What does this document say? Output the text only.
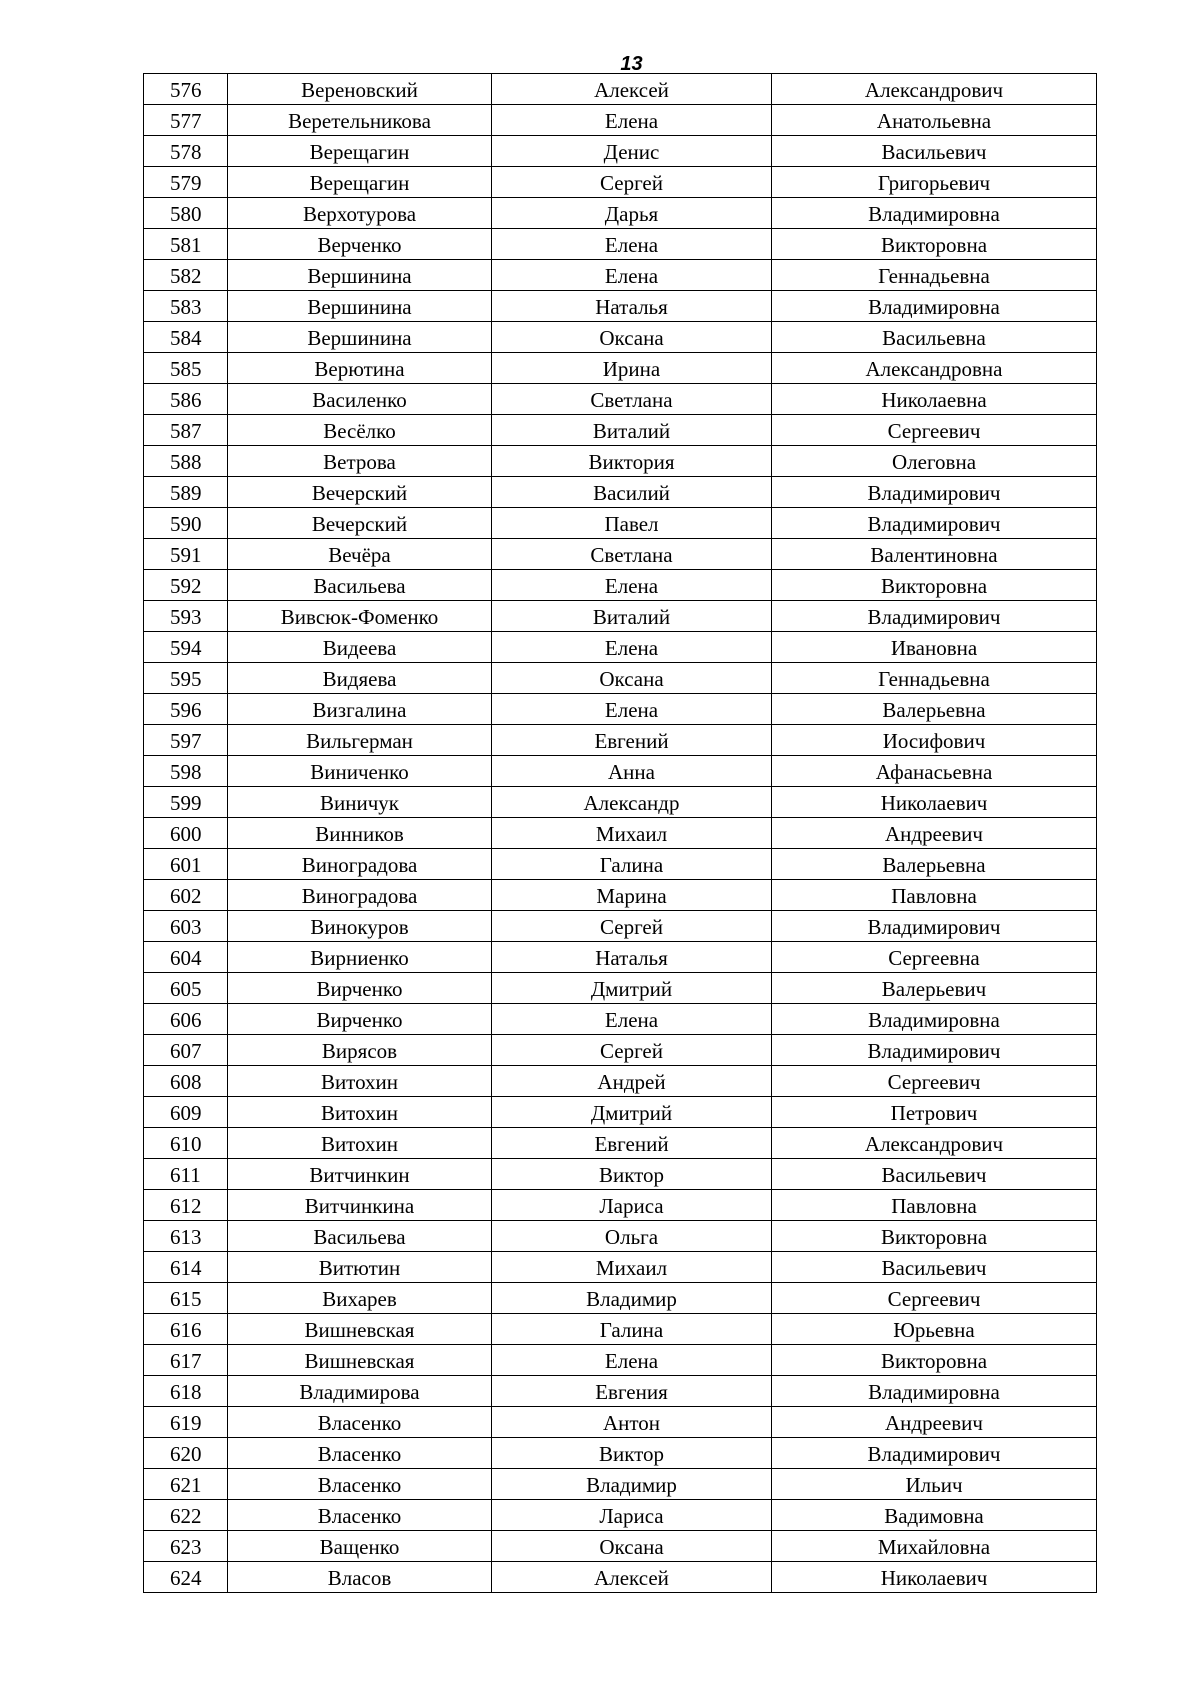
13
576	Вереновский	Алексей	Александрович
577	Веретельникова	Елена	Анатольевна
578	Верещагин	Денис	Васильевич
579	Верещагин	Сергей	Григорьевич
580	Верхотурова	Дарья	Владимировна
581	Верченко	Елена	Викторовна
582	Вершинина	Елена	Геннадьевна
583	Вершинина	Наталья	Владимировна
584	Вершинина	Оксана	Васильевна
585	Верютина	Ирина	Александровна
586	Василенко	Светлана	Николаевна
587	Весёлко	Виталий	Сергеевич
588	Ветрова	Виктория	Олеговна
589	Вечерский	Василий	Владимирович
590	Вечерский	Павел	Владимирович
591	Вечёра	Светлана	Валентиновна
592	Васильева	Елена	Викторовна
593	Вивсюк-Фоменко	Виталий	Владимирович
594	Видеева	Елена	Ивановна
595	Видяева	Оксана	Геннадьевна
596	Визгалина	Елена	Валерьевна
597	Вильгерман	Евгений	Иосифович
598	Виниченко	Анна	Афанасьевна
599	Виничук	Александр	Николаевич
600	Винников	Михаил	Андреевич
601	Виноградова	Галина	Валерьевна
602	Виноградова	Марина	Павловна
603	Винокуров	Сергей	Владимирович
604	Вирниенко	Наталья	Сергеевна
605	Вирченко	Дмитрий	Валерьевич
606	Вирченко	Елена	Владимировна
607	Вирясов	Сергей	Владимирович
608	Витохин	Андрей	Сергеевич
609	Витохин	Дмитрий	Петрович
610	Витохин	Евгений	Александрович
611	Витчинкин	Виктор	Васильевич
612	Витчинкина	Лариса	Павловна
613	Васильева	Ольга	Викторовна
614	Витютин	Михаил	Васильевич
615	Вихарев	Владимир	Сергеевич
616	Вишневская	Галина	Юрьевна
617	Вишневская	Елена	Викторовна
618	Владимирова	Евгения	Владимировна
619	Власенко	Антон	Андреевич
620	Власенко	Виктор	Владимирович
621	Власенко	Владимир	Ильич
622	Власенко	Лариса	Вадимовна
623	Ващенко	Оксана	Михайловна
624	Власов	Алексей	Николаевич
